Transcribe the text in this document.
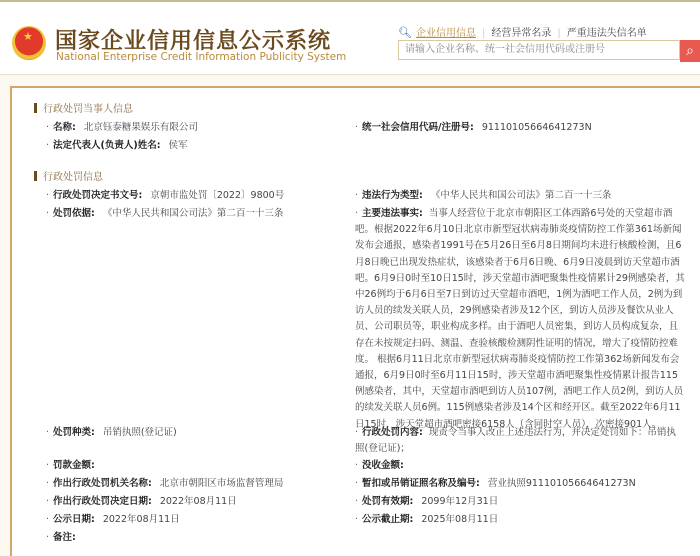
★ 国家企业信用信息公示系统
National Enterprise Credit Information Publicity System
🔍︎ 企业信用信息 | 经营异常名录 | 严重违法失信名单
请输入企业名称、统一社会信用代码或注册号	⌕
行政处罚当事人信息
· 名称: 北京钰泰糖果娱乐有限公司	· 统一社会信用代码/注册号: 91110105664641273N
· 法定代表人(负责人)姓名: 侯军
行政处罚信息
· 行政处罚决定书文号: 京朝市监处罚〔2022〕9800号	· 违法行为类型: 《中华人民共和国公司法》第二百一十三条
· 处罚依据: 《中华人民共和国公司法》第二百一十三条	· 主要违法事实: 当事人经营位于北京市朝阳区工体西路6号处的天堂超市酒吧。根据2022年6月10日北京市新型冠状病毒肺炎疫情防控工作第361场新闻发布会通报，感染者1991号在5月26日至6月8日期间均未进行核酸检测，且6月8日晚已出现发热症状，该感染者于6月6日晚、6月9日凌晨到访天堂超市酒吧。6月9日0时至10日15时，涉天堂超市酒吧聚集性疫情累计29例感染者，其中26例均于6月6日至7日到访过天堂超市酒吧，1例为酒吧工作人员，2例为到访人员的续发关联人员，29例感染者涉及12个区，到访人员涉及餐饮从业人员、公司职员等，职业构成多样。由于酒吧人员密集，到访人员构成复杂，且存在未按规定扫码、测温、查验核酸检测阴性证明的情况，增大了疫情防控难度。 根据6月11日北京市新型冠状病毒肺炎疫情防控工作第362场新闻发布会通报，6月9日0时至6月11日15时，涉天堂超市酒吧聚集性疫情累计报告115例感染者，其中，天堂超市酒吧到访人员107例，酒吧工作人员2例，到访人员的续发关联人员6例。115例感染者涉及14个区和经开区。截至2022年6月11日15时，涉天堂超市酒吧密接6158人（含同时空人员），次密接901人。
· 处罚种类: 吊销执照(登记证)	· 行政处罚内容: 现责令当事人改正上述违法行为，并决定处罚如下：吊销执照(登记证)；
· 罚款金额:	· 没收金额:
· 作出行政处罚机关名称: 北京市朝阳区市场监督管理局	· 暂扣或吊销证照名称及编号: 营业执照91110105664641273N
· 作出行政处罚决定日期: 2022年08月11日	· 处罚有效期: 2099年12月31日
· 公示日期: 2022年08月11日	· 公示截止期: 2025年08月11日
· 备注:
